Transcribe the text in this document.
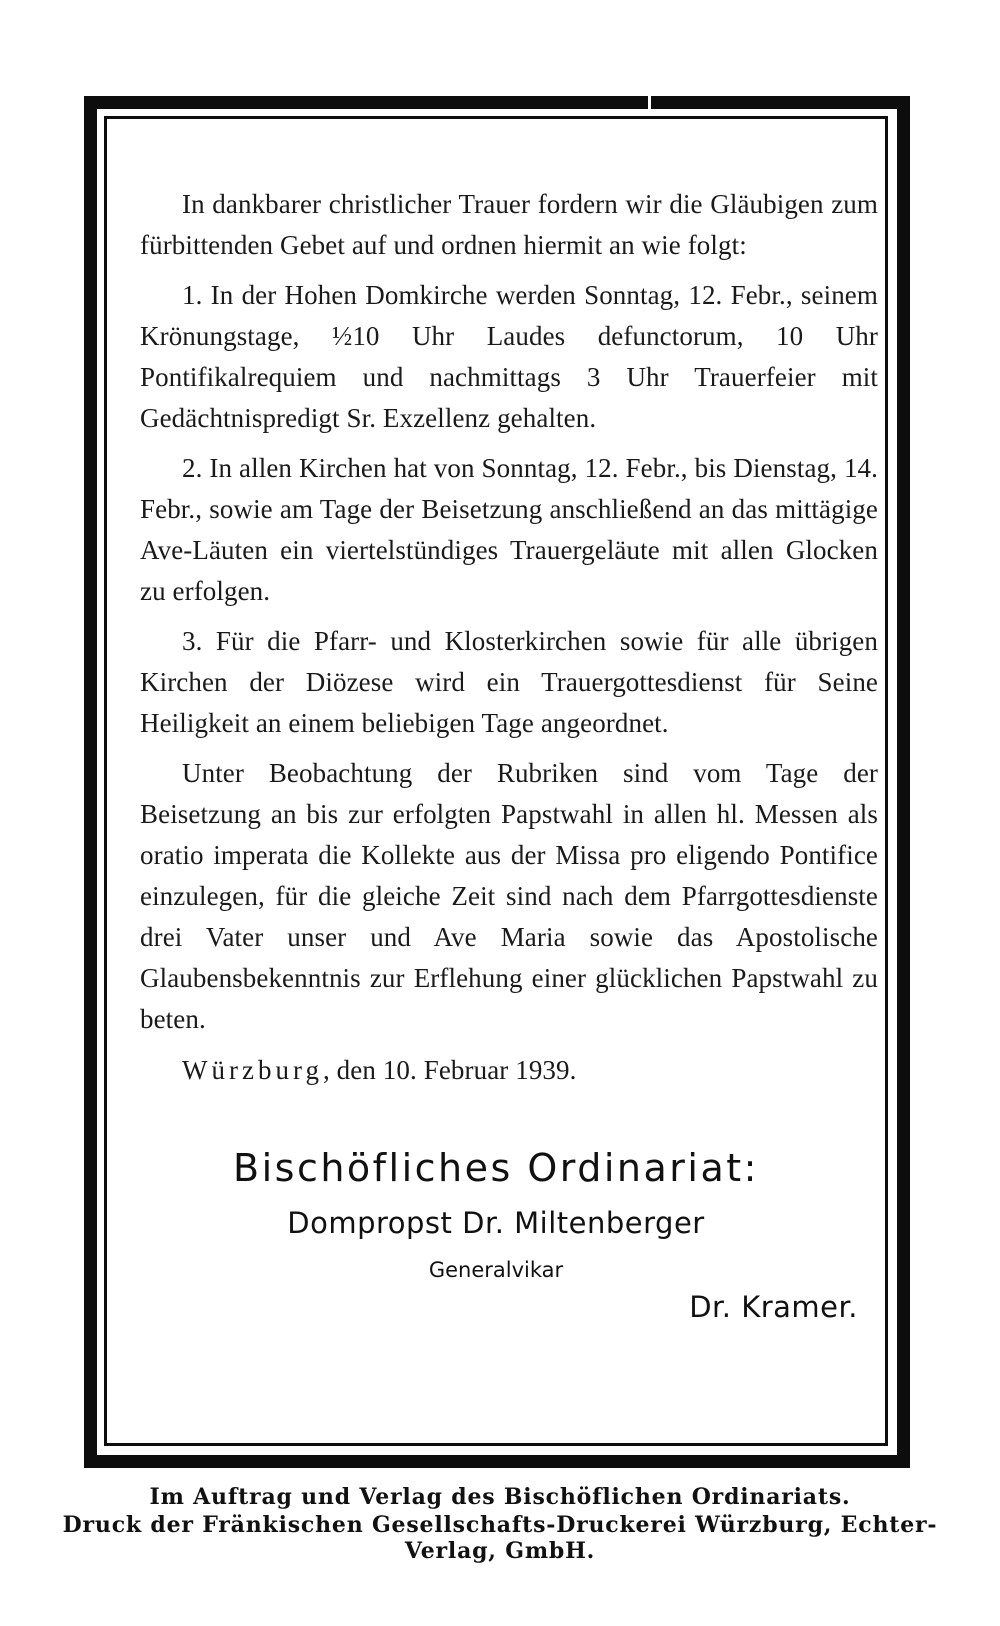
In dankbarer christlicher Trauer fordern wir die Gläubigen zum fürbittenden Gebet auf und ordnen hiermit an wie folgt:

1. In der Hohen Domkirche werden Sonntag, 12. Febr., seinem Krönungstage, ½10 Uhr Laudes defunctorum, 10 Uhr Pontifikalrequiem und nachmittags 3 Uhr Trauerfeier mit Gedächtnispredigt Sr. Exzellenz gehalten.

2. In allen Kirchen hat von Sonntag, 12. Febr., bis Dienstag, 14. Febr., sowie am Tage der Beisetzung anschließend an das mittägige Ave-Läuten ein viertelstündiges Trauergeläute mit allen Glocken zu erfolgen.

3. Für die Pfarr- und Klosterkirchen sowie für alle übrigen Kirchen der Diözese wird ein Trauergottesdienst für Seine Heiligkeit an einem beliebigen Tage angeordnet.

Unter Beobachtung der Rubriken sind vom Tage der Beisetzung an bis zur erfolgten Papstwahl in allen hl. Messen als oratio imperata die Kollekte aus der Missa pro eligendo Pontifice einzulegen, für die gleiche Zeit sind nach dem Pfarrgottesdienste drei Vater unser und Ave Maria sowie das Apostolische Glaubensbekenntnis zur Erflehung einer glücklichen Papstwahl zu beten.

Würzburg, den 10. Februar 1939.

Bischöfliches Ordinariat:
Dompropst Dr. Miltenberger
Generalvikar
Dr. Kramer.
Im Auftrag und Verlag des Bischöflichen Ordinariats.
Druck der Fränkischen Gesellschafts-Druckerei Würzburg, Echter-Verlag, GmbH.
